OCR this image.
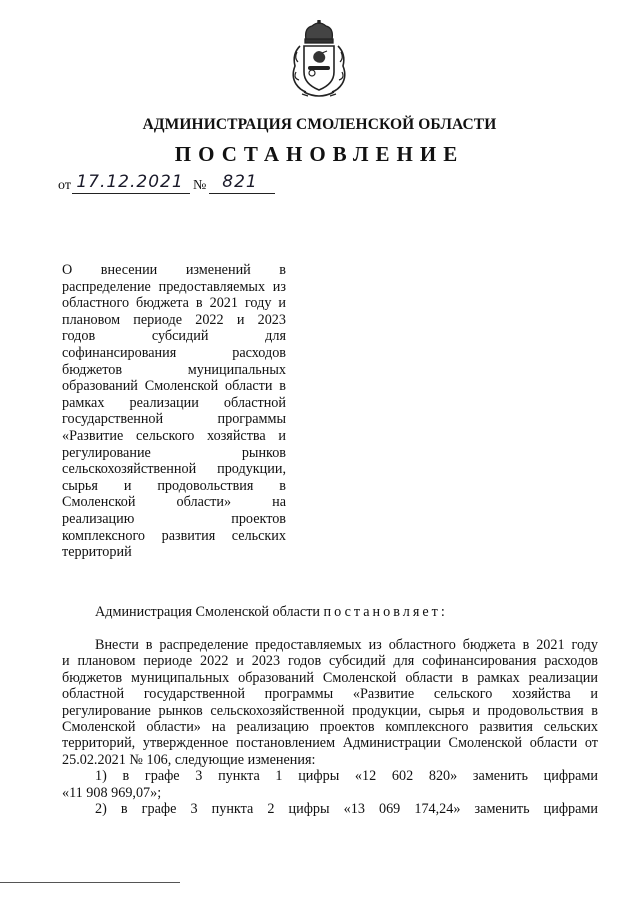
АДМИНИСТРАЦИЯ СМОЛЕНСКОЙ ОБЛАСТИ
ПОСТАНОВЛЕНИЕ
от 17.12.2021 № 821
О внесении изменений в
распределение предоставляемых из
областного бюджета в 2021 году и
плановом периоде 2022 и 2023
годов субсидий для
софинансирования расходов
бюджетов муниципальных
образований Смоленской области в
рамках реализации областной
государственной программы
«Развитие сельского хозяйства и
регулирование рынков
сельскохозяйственной продукции,
сырья и продовольствия в
Смоленской области» на
реализацию проектов
комплексного развития сельских
территорий
Администрация Смоленской области постановляет:
Внести в распределение предоставляемых из областного бюджета в 2021 году
и плановом периоде 2022 и 2023 годов субсидий для софинансирования расходов
бюджетов муниципальных образований Смоленской области в рамках реализации
областной государственной программы «Развитие сельского хозяйства и
регулирование рынков сельскохозяйственной продукции, сырья и продовольствия в
Смоленской области» на реализацию проектов комплексного развития сельских
территорий, утвержденное постановлением Администрации Смоленской области от
25.02.2021 № 106, следующие изменения:
1) в графе 3 пункта 1 цифры «12 602 820» заменить цифрами
«11 908 969,07»;
2) в графе 3 пункта 2 цифры «13 069 174,24» заменить цифрами
